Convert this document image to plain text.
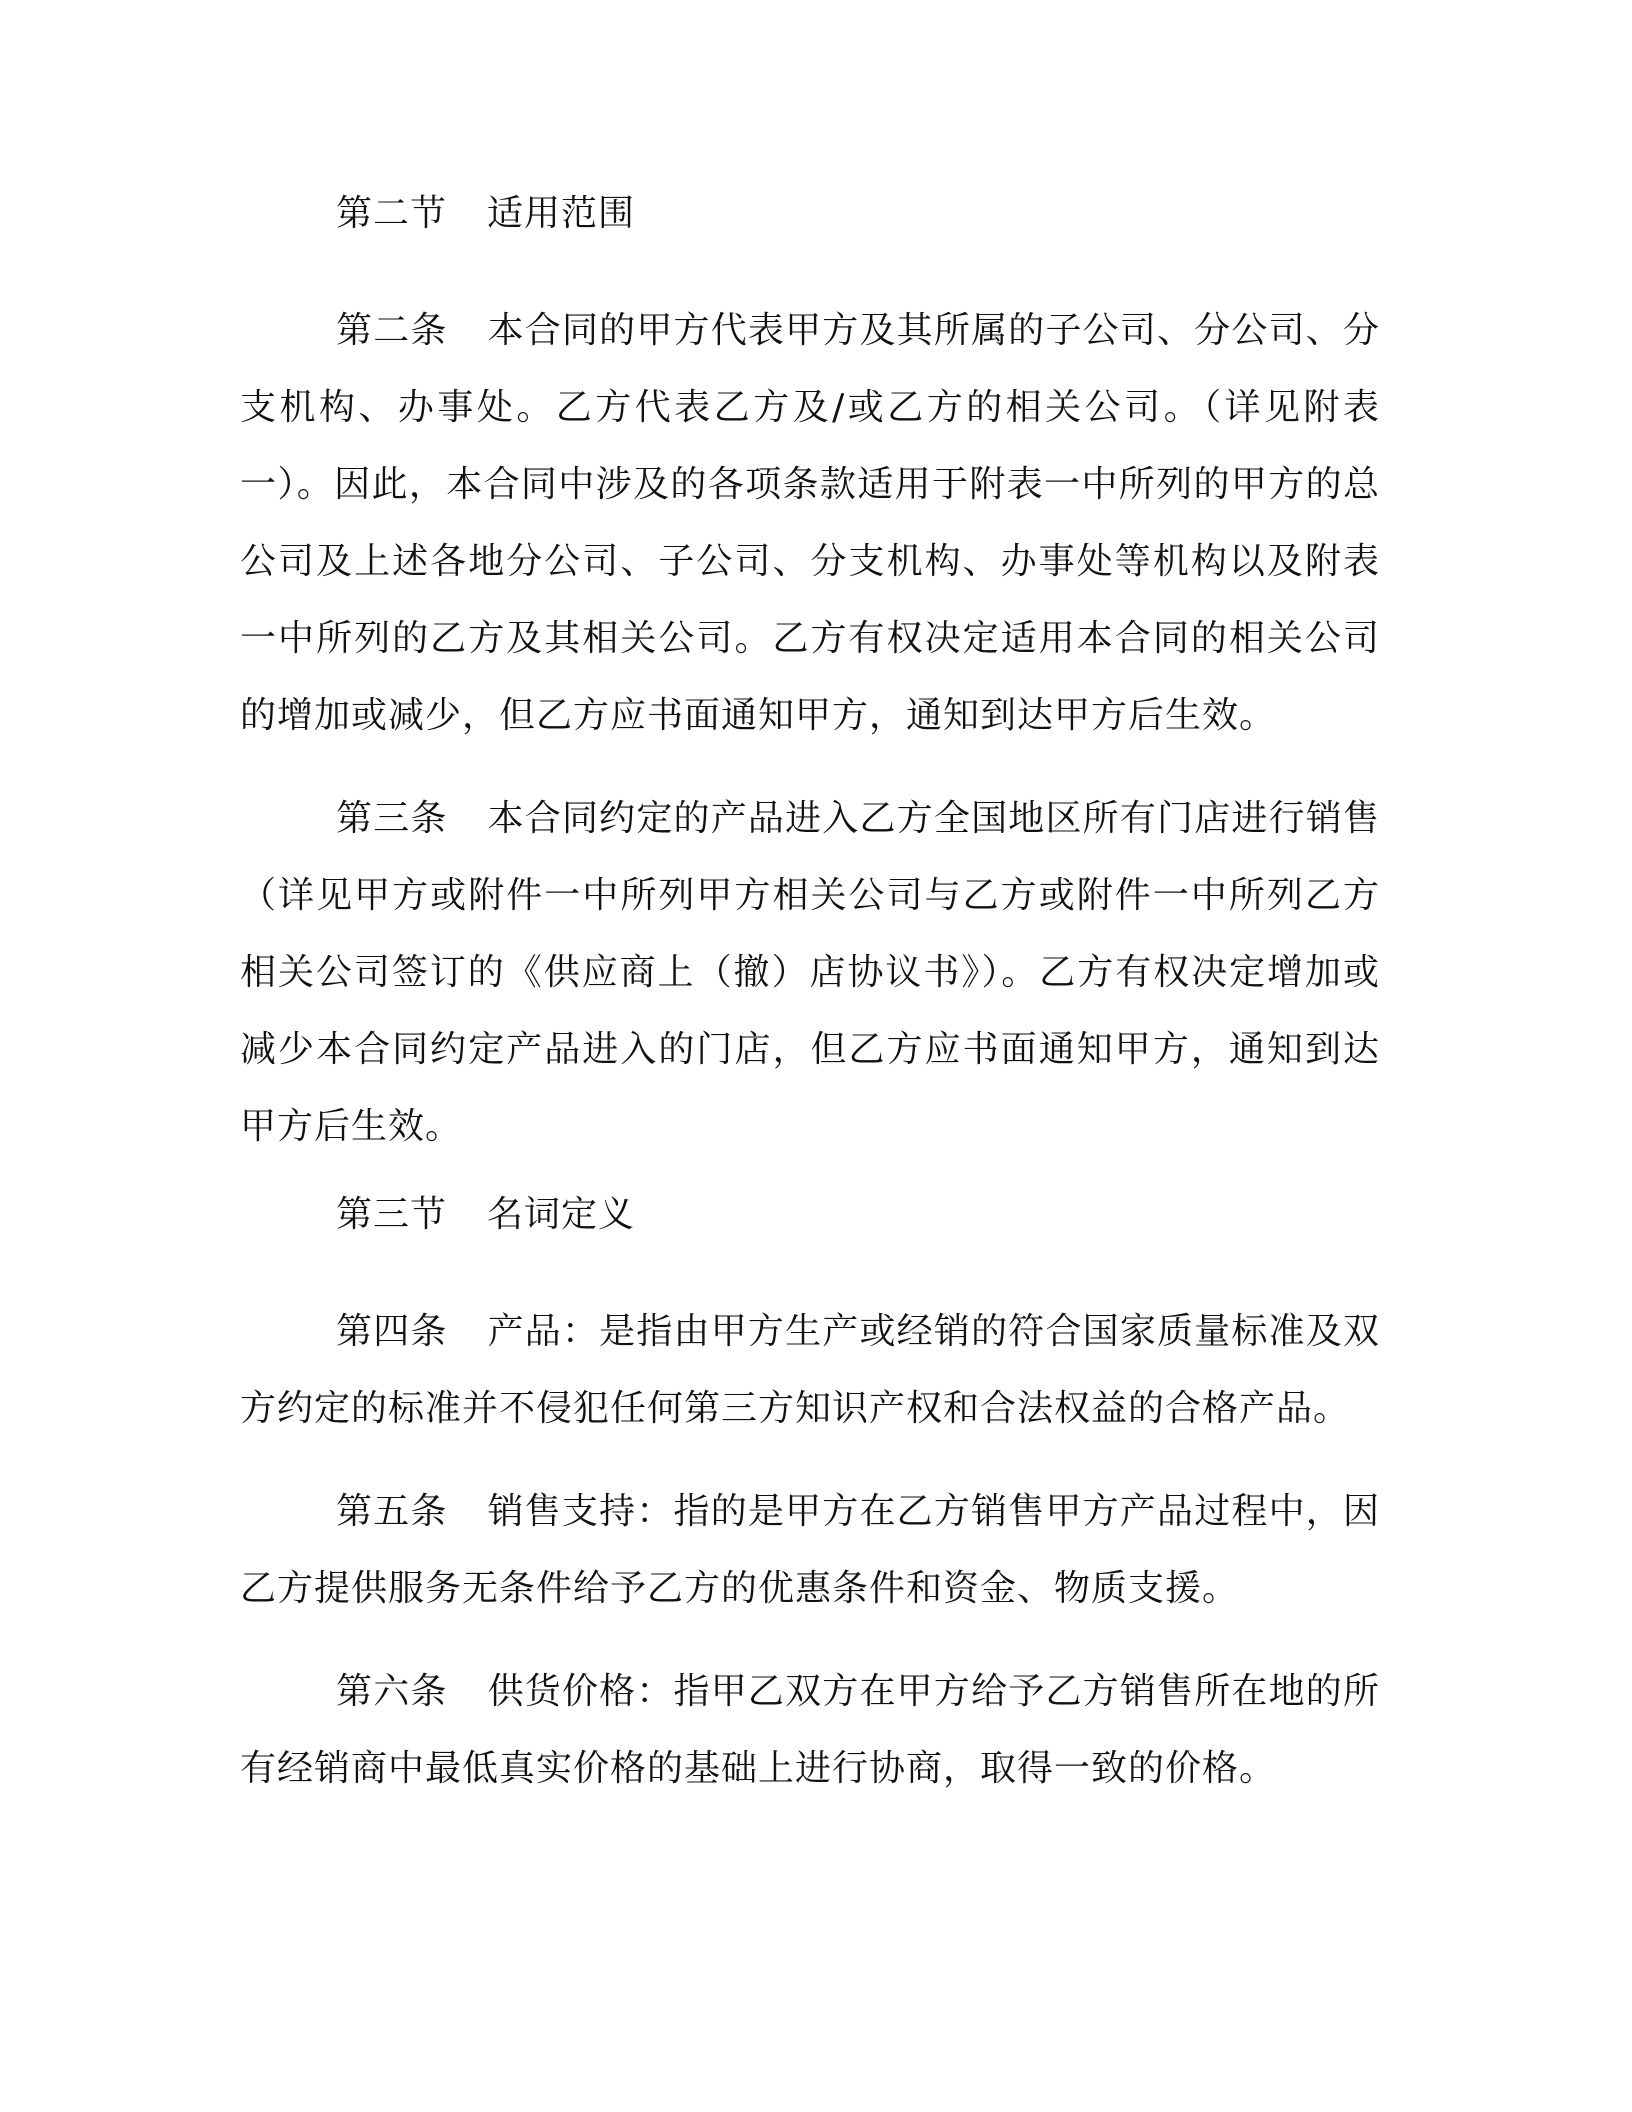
第二节 适用范围

第二条 本合同的甲方代表甲方及其所属的子公司、分公司、分支机构、办事处。乙方代表乙方及/或乙方的相关公司。（详见附表一）。因此，本合同中涉及的各项条款适用于附表一中所列的甲方的总公司及上述各地分公司、子公司、分支机构、办事处等机构以及附表一中所列的乙方及其相关公司。乙方有权决定适用本合同的相关公司的增加或减少，但乙方应书面通知甲方，通知到达甲方后生效。

第三条 本合同约定的产品进入乙方全国地区所有门店进行销售（详见甲方或附件一中所列甲方相关公司与乙方或附件一中所列乙方相关公司签订的《供应商上（撤）店协议书》）。乙方有权决定增加或减少本合同约定产品进入的门店，但乙方应书面通知甲方，通知到达甲方后生效。

第三节 名词定义

第四条 产品：是指由甲方生产或经销的符合国家质量标准及双方约定的标准并不侵犯任何第三方知识产权和合法权益的合格产品。

第五条 销售支持：指的是甲方在乙方销售甲方产品过程中，因乙方提供服务无条件给予乙方的优惠条件和资金、物质支援。

第六条 供货价格：指甲乙双方在甲方给予乙方销售所在地的所有经销商中最低真实价格的基础上进行协商，取得一致的价格。
